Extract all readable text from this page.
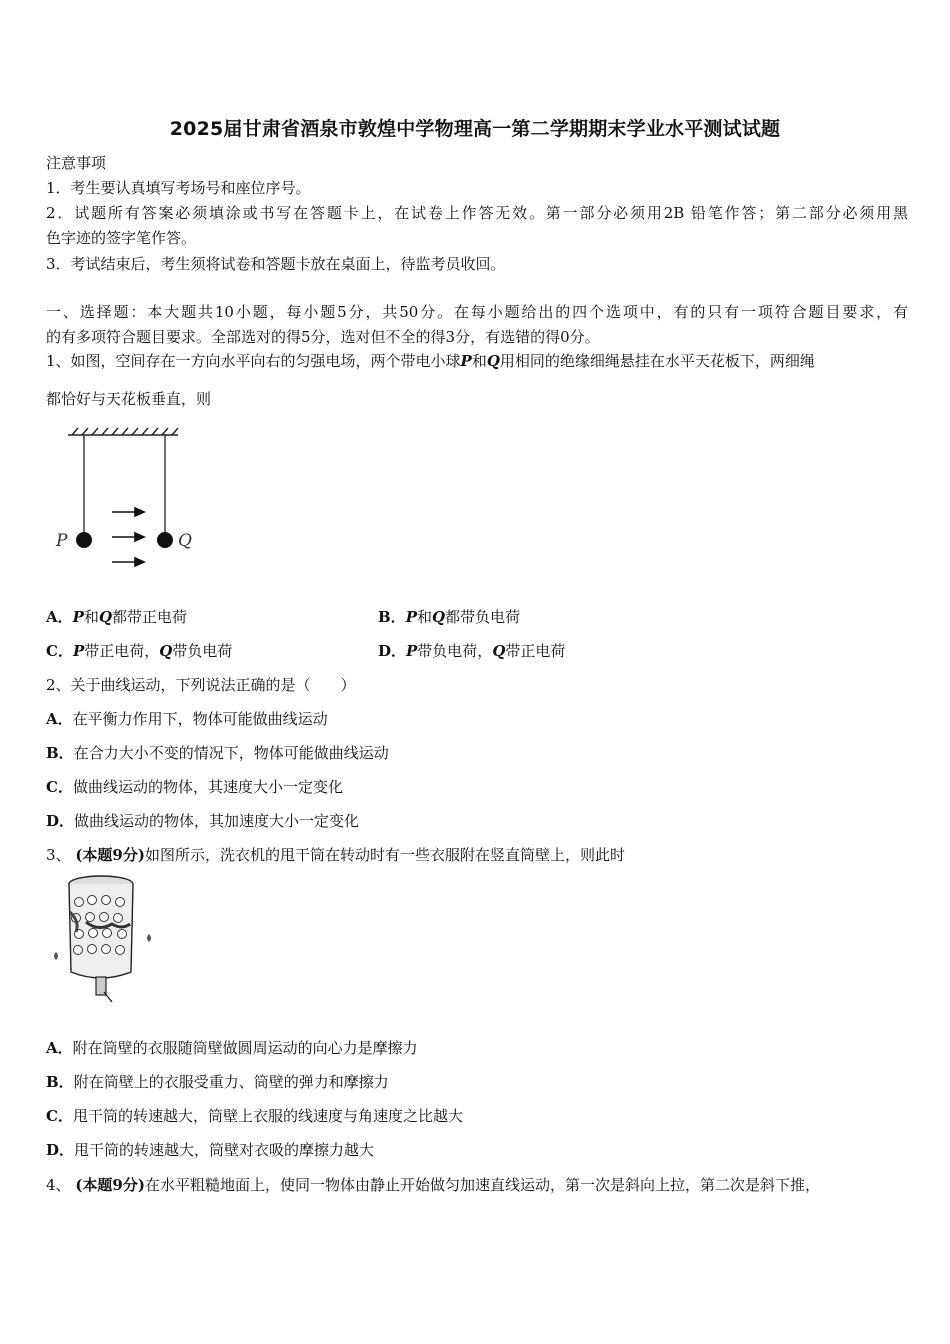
2025届甘肃省酒泉市敦煌中学物理高一第二学期期末学业水平测试试题
注意事项
1．考生要认真填写考场号和座位序号。
2．试题所有答案必须填涂或书写在答题卡上，在试卷上作答无效。第一部分必须用2B 铅笔作答；第二部分必须用黑
色字迹的签字笔作答。
3．考试结束后，考生须将试卷和答题卡放在桌面上，待监考员收回。
一、选择题：本大题共10小题，每小题5分，共50分。在每小题给出的四个选项中，有的只有一项符合题目要求，有
的有多项符合题目要求。全部选对的得5分，选对但不全的得3分，有选错的得0分。
1、如图，空间存在一方向水平向右的匀强电场，两个带电小球P和Q用相同的绝缘细绳悬挂在水平天花板下，两细绳
都恰好与天花板垂直，则
P	Q
A．P和Q都带正电荷	B．P和Q都带负电荷
C．P带正电荷，Q带负电荷	D．P带负电荷，Q带正电荷
2、关于曲线运动，下列说法正确的是（　　）
A．在平衡力作用下，物体可能做曲线运动
B．在合力大小不变的情况下，物体可能做曲线运动
C．做曲线运动的物体，其速度大小一定变化
D．做曲线运动的物体，其加速度大小一定变化
3、 (本题9分)如图所示，洗衣机的甩干筒在转动时有一些衣服附在竖直筒壁上，则此时
A．附在筒壁的衣服随筒壁做圆周运动的向心力是摩擦力
B．附在筒壁上的衣服受重力、筒壁的弹力和摩擦力
C．甩干筒的转速越大，筒壁上衣服的线速度与角速度之比越大
D．甩干筒的转速越大，筒壁对衣吸的摩擦力越大
4、 (本题9分)在水平粗糙地面上，使同一物体由静止开始做匀加速直线运动，第一次是斜向上拉，第二次是斜下推，
